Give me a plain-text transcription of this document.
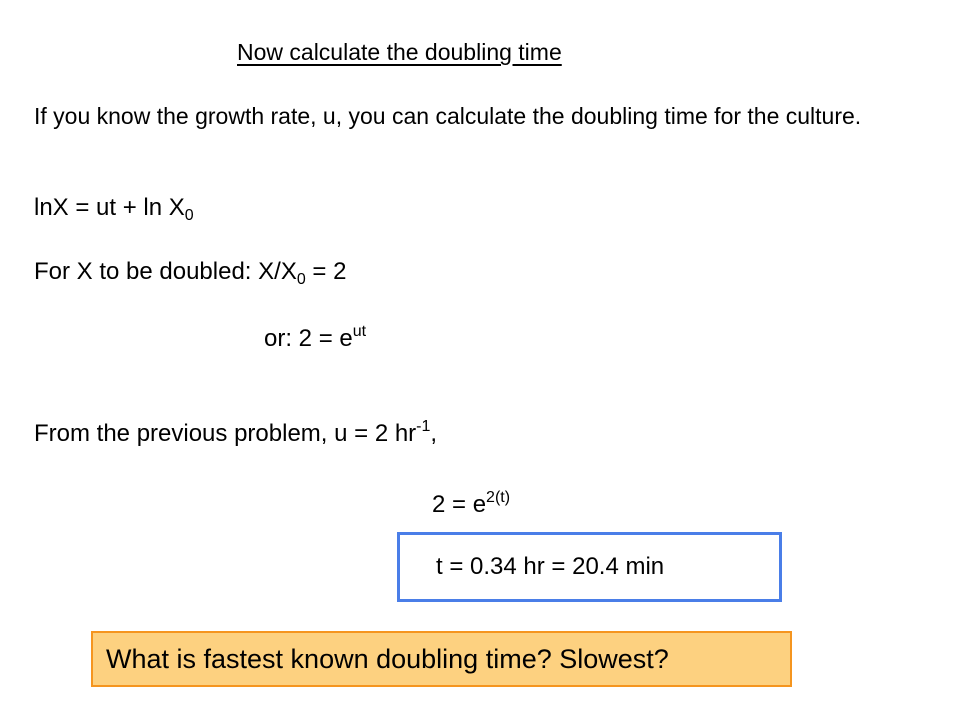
Now calculate the doubling time
If you know the growth rate, u, you can calculate the doubling time for the culture.
lnX = ut + $\ln X_0$
For X to be doubled: $X/X_0 = 2$
or: $2 = e^{ut}$
From the previous problem, u = 2 $hr^{-1}$,
$2 = e^{2(t)}$
t = 0.34 hr = 20.4 min
What is fastest known doubling time? Slowest?
